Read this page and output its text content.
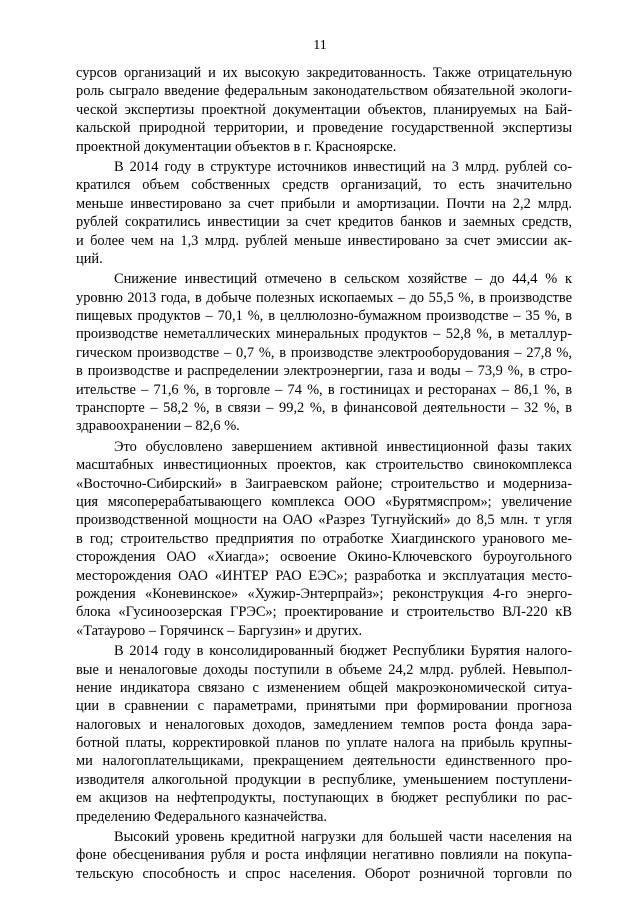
11
сурсов организаций и их высокую закредитованность. Также отрицательную
роль сыграло введение федеральным законодательством обязательной экологи-
ческой экспертизы проектной документации объектов, планируемых на Бай-
кальской природной территории, и проведение государственной экспертизы
проектной документации объектов в г. Красноярске.
В 2014 году в структуре источников инвестиций на 3 млрд. рублей со-
кратился объем собственных средств организаций, то есть значительно
меньше инвестировано за счет прибыли и амортизации. Почти на 2,2 млрд.
рублей сократились инвестиции за счет кредитов банков и заемных средств,
и более чем на 1,3 млрд. рублей меньше инвестировано за счет эмиссии ак-
ций.
Снижение инвестиций отмечено в сельском хозяйстве – до 44,4 % к
уровню 2013 года, в добыче полезных ископаемых – до 55,5 %, в производстве
пищевых продуктов – 70,1 %, в целлюлозно-бумажном производстве – 35 %, в
производстве неметаллических минеральных продуктов – 52,8 %, в металлур-
гическом производстве – 0,7 %, в производстве электрооборудования – 27,8 %,
в производстве и распределении электроэнергии, газа и воды – 73,9 %, в стро-
ительстве – 71,6 %, в торговле – 74 %, в гостиницах и ресторанах – 86,1 %, в
транспорте – 58,2 %, в связи – 99,2 %, в финансовой деятельности – 32 %, в
здравоохранении – 82,6 %.
Это обусловлено завершением активной инвестиционной фазы таких
масштабных инвестиционных проектов, как строительство свинокомплекса
«Восточно-Сибирский» в Заиграевском районе; строительство и модерниза-
ция мясоперерабатывающего комплекса ООО «Бурятмяспром»; увеличение
производственной мощности на ОАО «Разрез Тугнуйский» до 8,5 млн. т угля
в год; строительство предприятия по отработке Хиагдинского уранового ме-
сторождения ОАО «Хиагда»; освоение Окино-Ключевского буроугольного
месторождения ОАО «ИНТЕР РАО ЕЭС»; разработка и эксплуатация место-
рождения «Коневинское» «Хужир-Энтерпрайз»; реконструкция 4-го энерго-
блока «Гусиноозерская ГРЭС»; проектирование и строительство ВЛ-220 кВ
«Татаурово – Горячинск – Баргузин» и других.
В 2014 году в консолидированный бюджет Республики Бурятия налого-
вые и неналоговые доходы поступили в объеме 24,2 млрд. рублей. Невыпол-
нение индикатора связано с изменением общей макроэкономической ситуа-
ции в сравнении с параметрами, принятыми при формировании прогноза
налоговых и неналоговых доходов, замедлением темпов роста фонда зара-
ботной платы, корректировкой планов по уплате налога на прибыль крупны-
ми налогоплательщиками, прекращением деятельности единственного про-
изводителя алкогольной продукции в республике, уменьшением поступлени-
ем акцизов на нефтепродукты, поступающих в бюджет республики по рас-
пределению Федерального казначейства.
Высокий уровень кредитной нагрузки для большей части населения на
фоне обесценивания рубля и роста инфляции негативно повлияли на покупа-
тельскую способность и спрос населения. Оборот розничной торговли по
